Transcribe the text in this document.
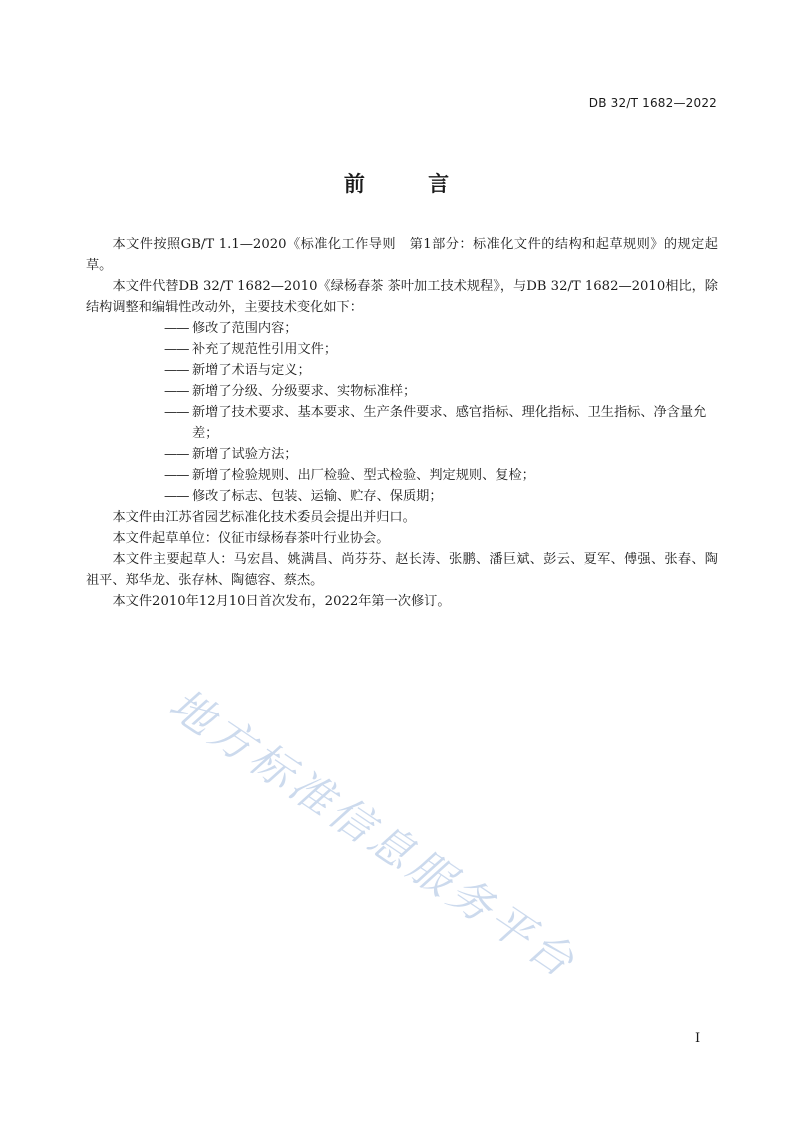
DB 32/T 1682—2022
前 言

本文件按照GB/T 1.1—2020《标准化工作导则　第1部分：标准化文件的结构和起草规则》的规定起草。

本文件代替DB 32/T 1682—2010《绿杨春茶 茶叶加工技术规程》，与DB 32/T 1682—2010相比，除结构调整和编辑性改动外，主要技术变化如下：

—— 修改了范围内容；
—— 补充了规范性引用文件；
—— 新增了术语与定义；
—— 新增了分级、分级要求、实物标准样；
—— 新增了技术要求、基本要求、生产条件要求、感官指标、理化指标、卫生指标、净含量允差；
—— 新增了试验方法；
—— 新增了检验规则、出厂检验、型式检验、判定规则、复检；
—— 修改了标志、包装、运输、贮存、保质期；

本文件由江苏省园艺标准化技术委员会提出并归口。

本文件起草单位：仪征市绿杨春茶叶行业协会。

本文件主要起草人：马宏昌、姚满昌、尚芬芬、赵长涛、张鹏、潘巨斌、彭云、夏军、傅强、张春、陶祖平、郑华龙、张存林、陶德容、蔡杰。

本文件2010年12月10日首次发布，2022年第一次修订。

地方标准信息服务平台
I
